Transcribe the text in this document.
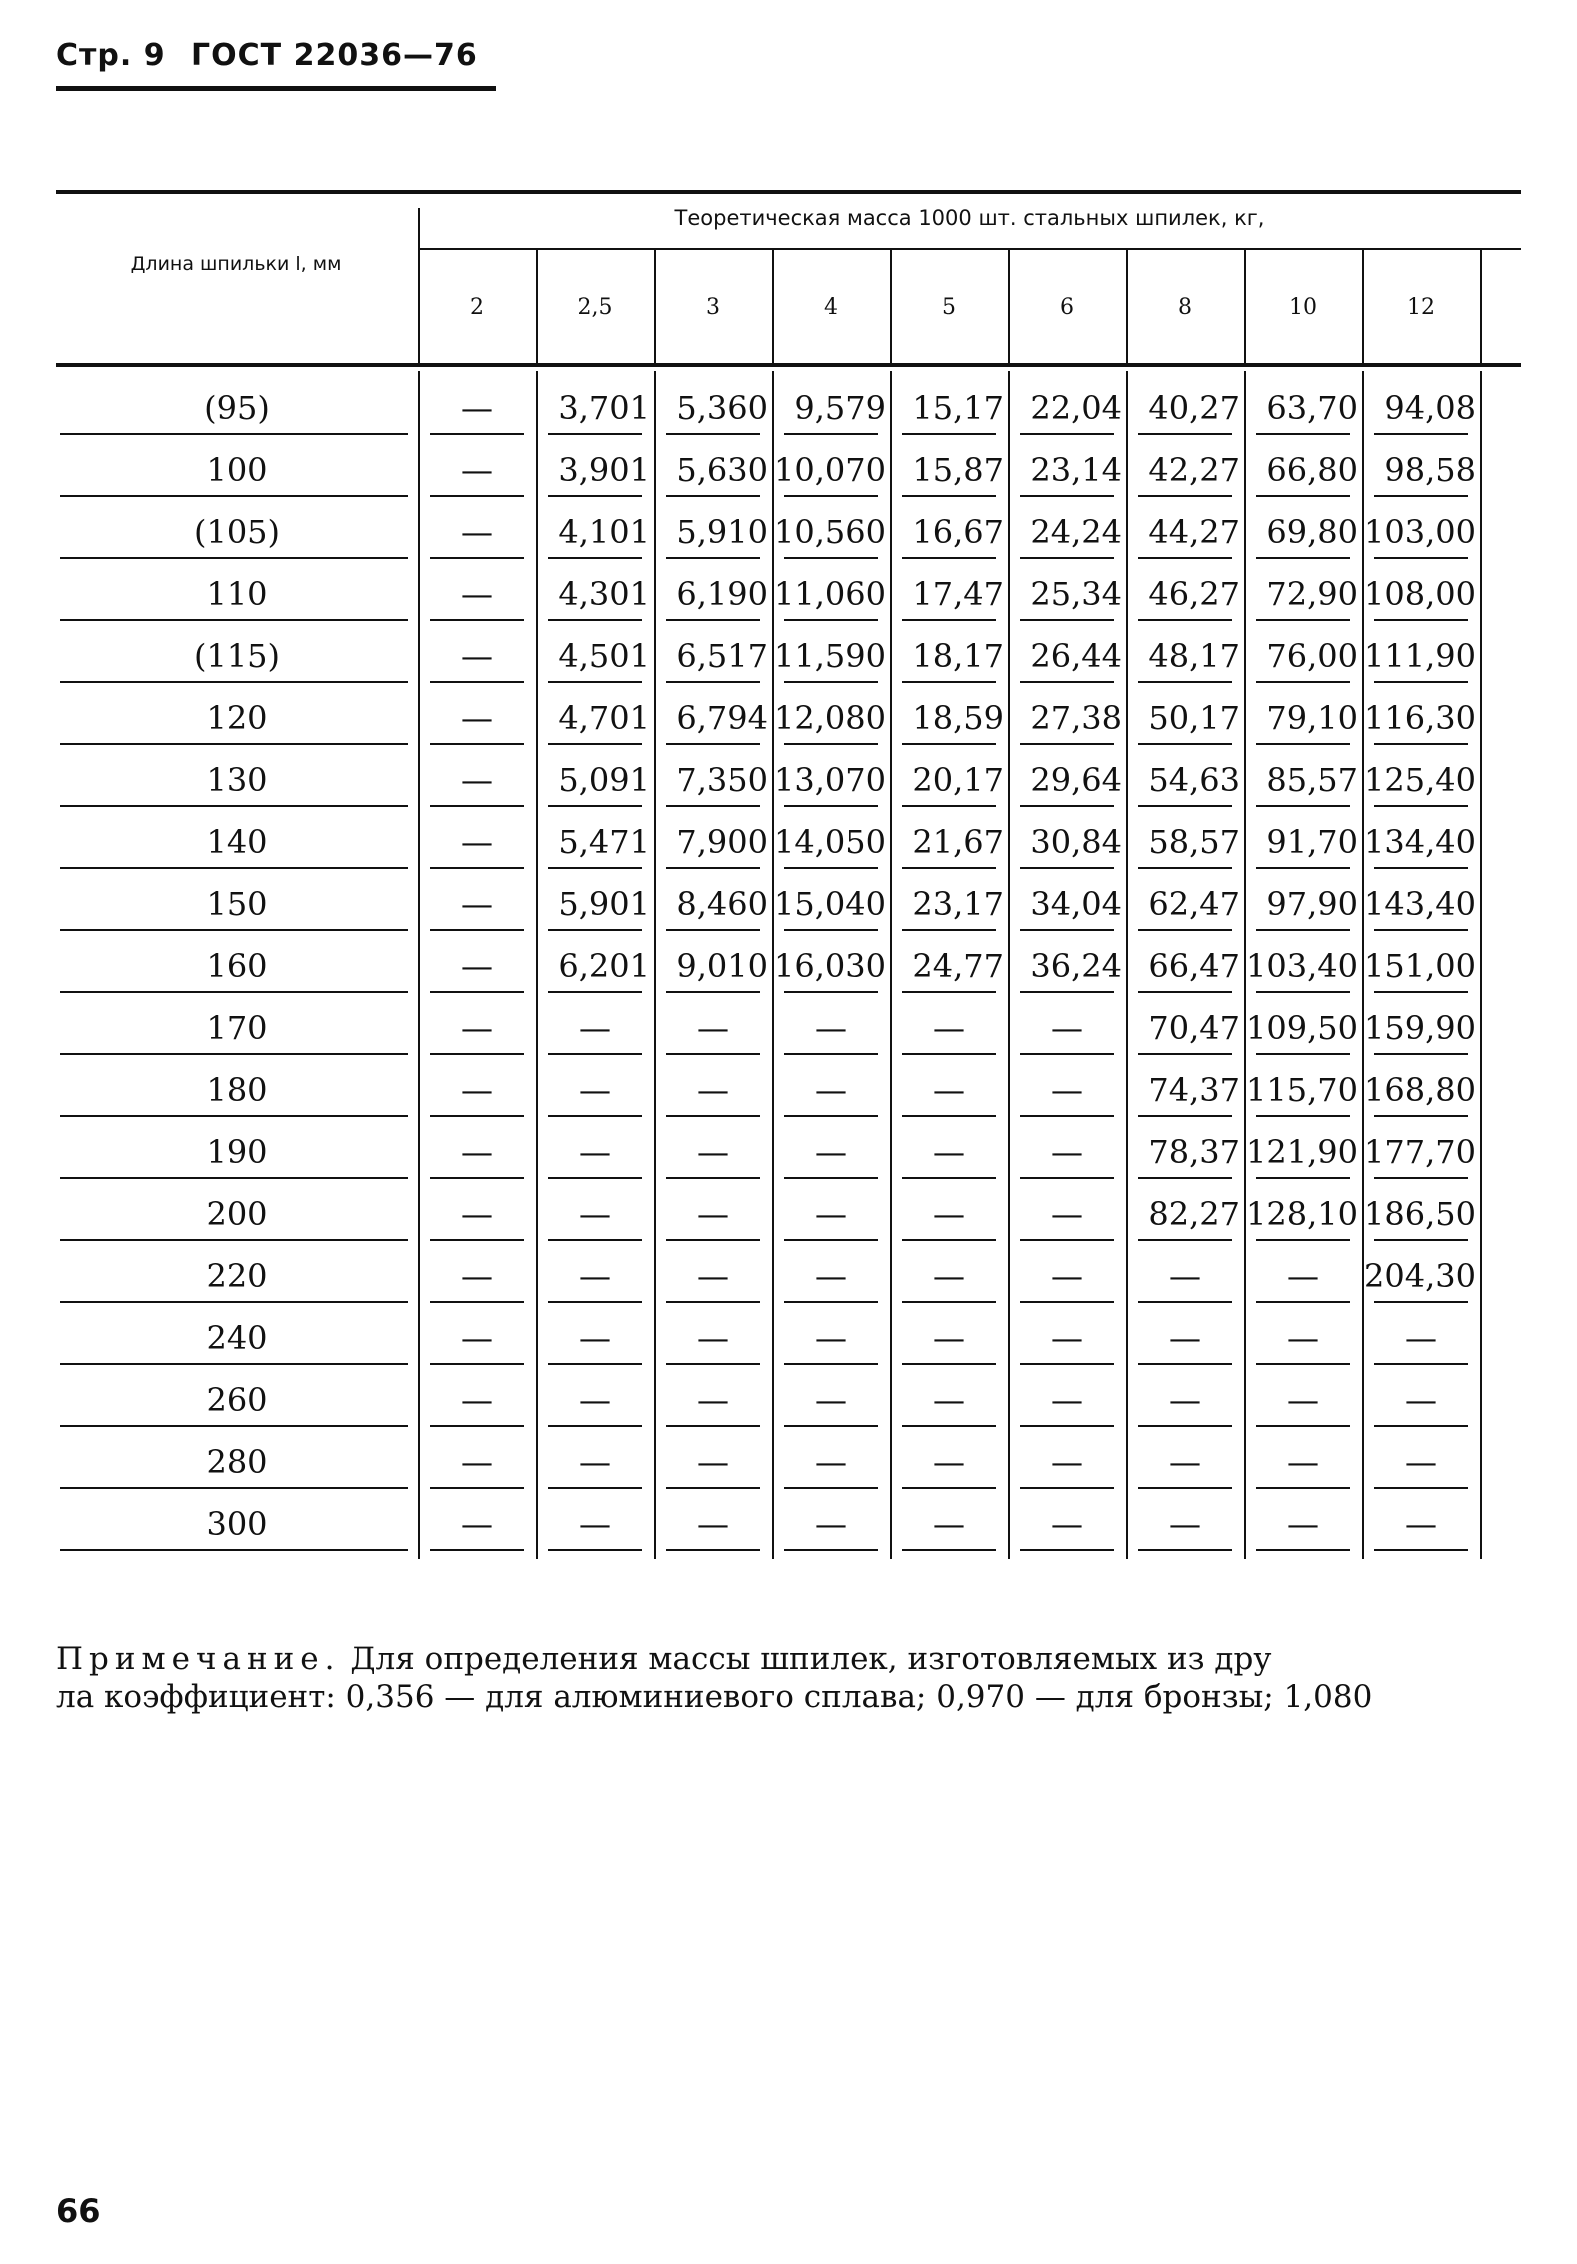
Стр. 9 ГОСТ 22036—76
Длина шпильки l, мм
Теоретическая масса 1000 шт. стальных шпилек, кг,
2	2,5	3	4	5	6	8	10	12
(95)	—	3,701 5,360 9,579 15,17 22,04 40,27 63,70 94,08
100	—	3,901 5,630 10,070 15,87 23,14 42,27 66,80 98,58
(105)	—	4,101 5,910 10,560 16,67 24,24 44,27 69,80 103,00
110	—	4,301 6,190 11,060 17,47 25,34 46,27 72,90 108,00
(115)	—	4,501 6,517 11,590 18,17 26,44 48,17 76,00 111,90
120	—	4,701 6,794 12,080 18,59 27,38 50,17 79,10 116,30
130	—	5,091 7,350 13,070 20,17 29,64 54,63 85,57 125,40
140	—	5,471 7,900 14,050 21,67 30,84 58,57 91,70 134,40
150	—	5,901 8,460 15,040 23,17 34,04 62,47 97,90 143,40
160	—	6,201 9,010 16,030 24,77 36,24 66,47 103,40 151,00
170	—	—	—	—	—	—	70,47 109,50 159,90
180	—	—	—	—	—	—	74,37 115,70 168,80
190	—	—	—	—	—	—	78,37 121,90 177,70
200	—	—	—	—	—	—	82,27 128,10 186,50
220	—	—	—	—	—	—	—	—	204,30
240	—	—	—	—	—	—	—	—	—
260	—	—	—	—	—	—	—	—	—
280	—	—	—	—	—	—	—	—	—
300	—	—	—	—	—	—	—	—	—
Примечание. Для определения массы шпилек, изготовляемых из дру
ла коэффициент: 0,356 — для алюминиевого сплава; 0,970 — для бронзы; 1,080
66
